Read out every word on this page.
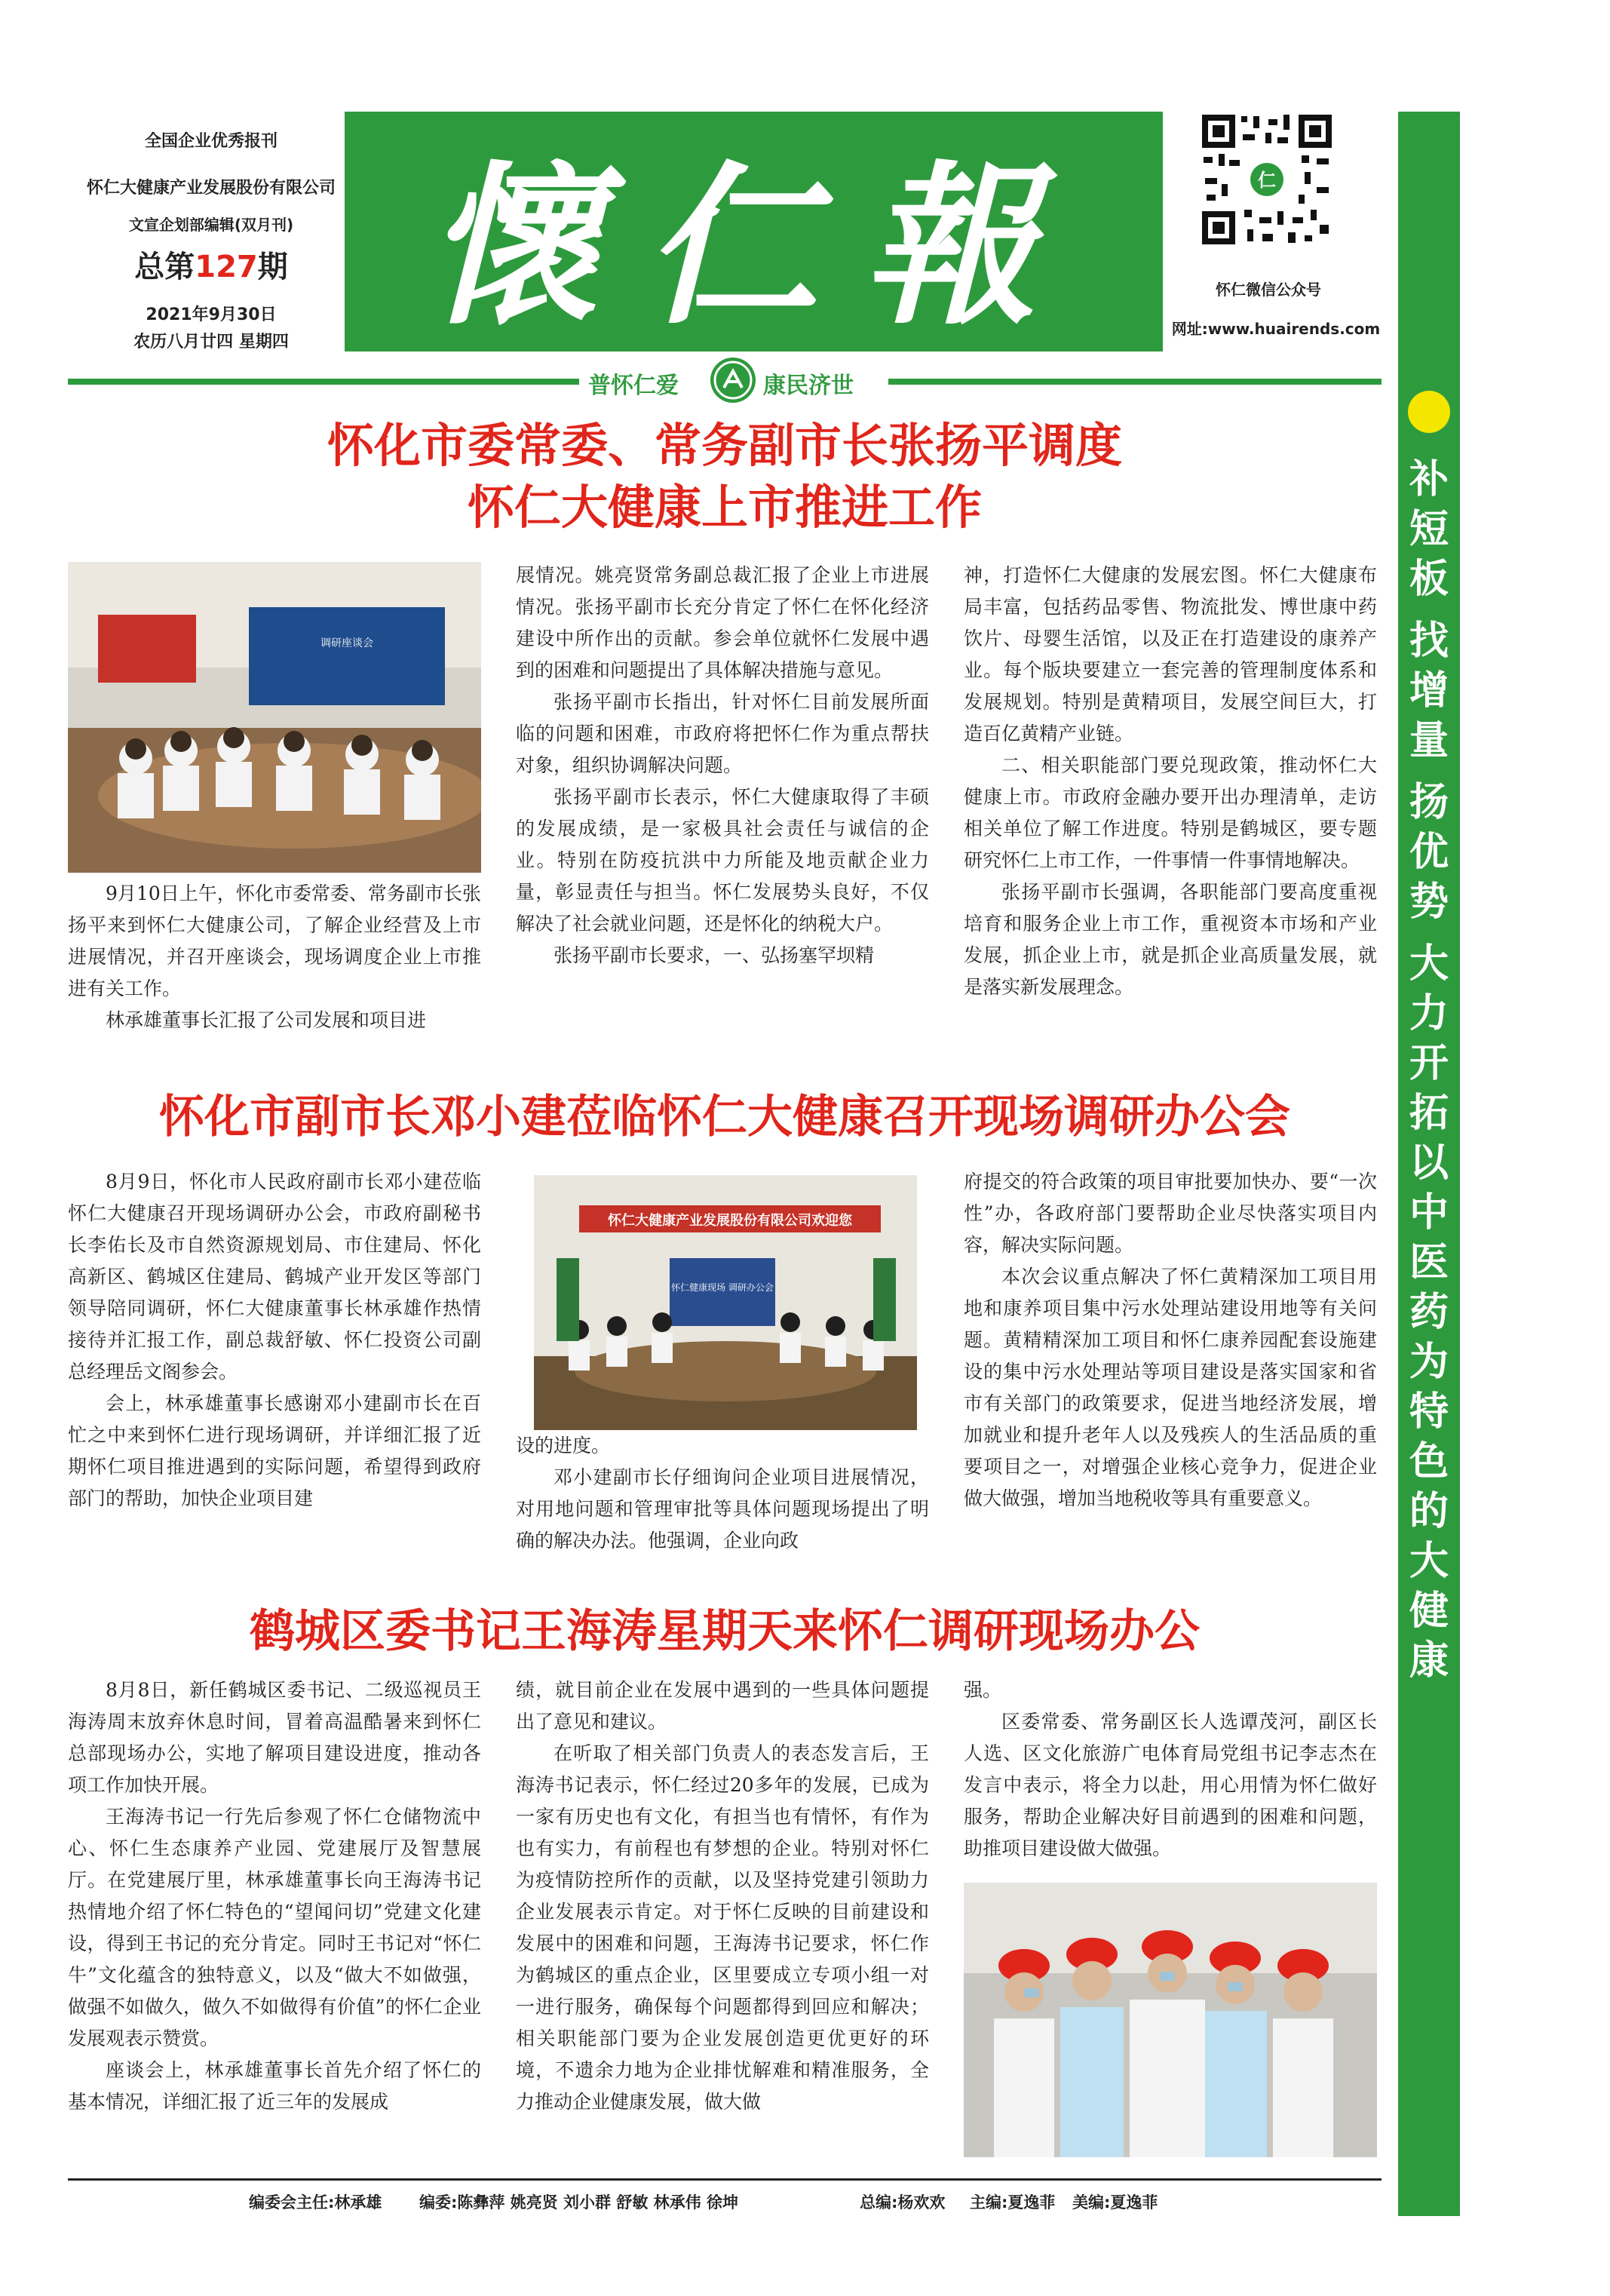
全国企业优秀报刊
怀仁大健康产业发展股份有限公司
文宣企划部编辑(双月刊)
总第127期
2021年9月30日
农历八月廿四 星期四 懷仁報	仁
怀仁微信公众号
网址:www.huairends.com
普怀仁爱	康民济世
补
短
板
找
增
量
扬
优
势
大
力
开
拓
以
中
医
药
为
特
色
的
大
健
康
怀化市委常委、常务副市长张扬平调度
怀仁大健康上市推进工作
调研座谈会

9月10日上午，怀化市委常委、常务副市长张扬平来到怀仁大健康公司，了解企业经营及上市进展情况，并召开座谈会，现场调度企业上市推进有关工作。

林承雄董事长汇报了公司发展和项目进

展情况。姚亮贤常务副总裁汇报了企业上市进展情况。张扬平副市长充分肯定了怀仁在怀化经济建设中所作出的贡献。参会单位就怀仁发展中遇到的困难和问题提出了具体解决措施与意见。

张扬平副市长指出，针对怀仁目前发展所面临的问题和困难，市政府将把怀仁作为重点帮扶对象，组织协调解决问题。

张扬平副市长表示，怀仁大健康取得了丰硕的发展成绩，是一家极具社会责任与诚信的企业。特别在防疫抗洪中力所能及地贡献企业力量，彰显责任与担当。怀仁发展势头良好，不仅解决了社会就业问题，还是怀化的纳税大户。

张扬平副市长要求，一、弘扬塞罕坝精

神，打造怀仁大健康的发展宏图。怀仁大健康布局丰富，包括药品零售、物流批发、博世康中药饮片、母婴生活馆，以及正在打造建设的康养产业。每个版块要建立一套完善的管理制度体系和发展规划。特别是黄精项目，发展空间巨大，打造百亿黄精产业链。

二、相关职能部门要兑现政策，推动怀仁大健康上市。市政府金融办要开出办理清单，走访相关单位了解工作进度。特别是鹤城区，要专题研究怀仁上市工作，一件事情一件事情地解决。

张扬平副市长强调，各职能部门要高度重视培育和服务企业上市工作，重视资本市场和产业发展，抓企业上市，就是抓企业高质量发展，就是落实新发展理念。

怀化市副市长邓小建莅临怀仁大健康召开现场调研办公会
怀仁大健康产业发展股份有限公司欢迎您
怀仁健康现场 调研办公会

8月9日，怀化市人民政府副市长邓小建莅临怀仁大健康召开现场调研办公会，市政府副秘书长李佑长及市自然资源规划局、市住建局、怀化高新区、鹤城区住建局、鹤城产业开发区等部门领导陪同调研，怀仁大健康董事长林承雄作热情接待并汇报工作，副总裁舒敏、怀仁投资公司副总经理岳文阁参会。

会上，林承雄董事长感谢邓小建副市长在百忙之中来到怀仁进行现场调研，并详细汇报了近期怀仁项目推进遇到的实际问题，希望得到政府部门的帮助，加快企业项目建

设的进度。

邓小建副市长仔细询问企业项目进展情况，对用地问题和管理审批等具体问题现场提出了明确的解决办法。他强调，企业向政

府提交的符合政策的项目审批要加快办、要“一次性”办，各政府部门要帮助企业尽快落实项目内容，解决实际问题。

本次会议重点解决了怀仁黄精深加工项目用地和康养项目集中污水处理站建设用地等有关问题。黄精精深加工项目和怀仁康养园配套设施建设的集中污水处理站等项目建设是落实国家和省市有关部门的政策要求，促进当地经济发展，增加就业和提升老年人以及残疾人的生活品质的重要项目之一，对增强企业核心竞争力，促进企业做大做强，增加当地税收等具有重要意义。

鹤城区委书记王海涛星期天来怀仁调研现场办公

8月8日，新任鹤城区委书记、二级巡视员王海涛周末放弃休息时间，冒着高温酷暑来到怀仁总部现场办公，实地了解项目建设进度，推动各项工作加快开展。

王海涛书记一行先后参观了怀仁仓储物流中心、怀仁生态康养产业园、党建展厅及智慧展厅。在党建展厅里，林承雄董事长向王海涛书记热情地介绍了怀仁特色的“望闻问切”党建文化建设，得到王书记的充分肯定。同时王书记对“怀仁牛”文化蕴含的独特意义，以及“做大不如做强，做强不如做久，做久不如做得有价值”的怀仁企业发展观表示赞赏。

座谈会上，林承雄董事长首先介绍了怀仁的基本情况，详细汇报了近三年的发展成

绩，就目前企业在发展中遇到的一些具体问题提出了意见和建议。

在听取了相关部门负责人的表态发言后，王海涛书记表示，怀仁经过20多年的发展，已成为一家有历史也有文化，有担当也有情怀，有作为也有实力，有前程也有梦想的企业。特别对怀仁为疫情防控所作的贡献，以及坚持党建引领助力企业发展表示肯定。对于怀仁反映的目前建设和发展中的困难和问题，王海涛书记要求，怀仁作为鹤城区的重点企业，区里要成立专项小组一对一进行服务，确保每个问题都得到回应和解决；相关职能部门要为企业发展创造更优更好的环境，不遗余力地为企业排忧解难和精准服务，全力推动企业健康发展，做大做

强。

区委常委、常务副区长人选谭茂河，副区长人选、区文化旅游广电体育局党组书记李志杰在发言中表示，将全力以赴，用心用情为怀仁做好服务，帮助企业解决好目前遇到的困难和问题，助推项目建设做大做强。

编委会主任:林承雄 编委:陈彝萍 姚亮贤 刘小群 舒敏 林承伟 徐坤	总编:杨欢欢 主编:夏逸菲 美编:夏逸菲
